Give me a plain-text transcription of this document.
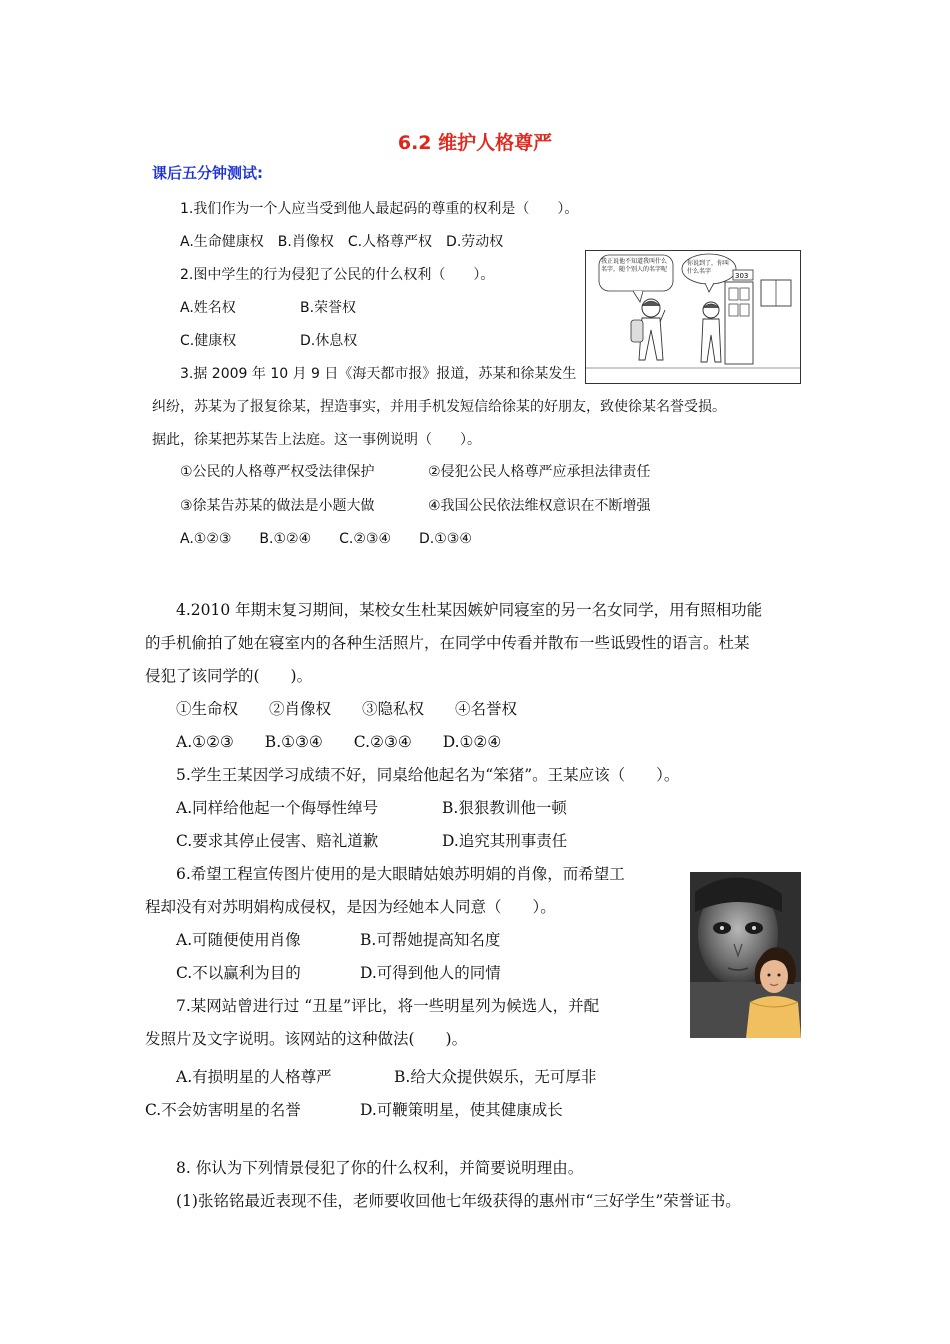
6.2 维护人格尊严
课后五分钟测试:
1.我们作为一个人应当受到他人最起码的尊重的权利是（　　）。
A.生命健康权　B.肖像权　C.人格尊严权　D.劳动权
2.图中学生的行为侵犯了公民的什么权利（　　）。
A.姓名权	B.荣誉权
C.健康权	D.休息权
303
我正说他不知道我叫什么名字，随个别人的名字呢
你说到了，你叫什么名字
3.据 2009 年 10 月 9 日《海天都市报》报道，苏某和徐某发生
纠纷，苏某为了报复徐某，捏造事实，并用手机发短信给徐某的好朋友，致使徐某名誉受损。
据此，徐某把苏某告上法庭。这一事例说明（　　）。
①公民的人格尊严权受法律保护	②侵犯公民人格尊严应承担法律责任
③徐某告苏某的做法是小题大做	④我国公民依法维权意识在不断增强
A.①②③　　B.①②④　　C.②③④　　D.①③④
4.2010 年期末复习期间，某校女生杜某因嫉妒同寝室的另一名女同学，用有照相功能
的手机偷拍了她在寝室内的各种生活照片，在同学中传看并散布一些诋毁性的语言。杜某
侵犯了该同学的(　　)。
①生命权　　②肖像权　　③隐私权　　④名誉权
A.①②③　　B.①③④　　C.②③④　　D.①②④
5.学生王某因学习成绩不好，同桌给他起名为“笨猪”。王某应该（　　）。
A.同样给他起一个侮辱性绰号	B.狠狠教训他一顿
C.要求其停止侵害、赔礼道歉	D.追究其刑事责任
6.希望工程宣传图片使用的是大眼睛姑娘苏明娟的肖像，而希望工
程却没有对苏明娟构成侵权，是因为经她本人同意（　　）。
A.可随便使用肖像	B.可帮她提高知名度
C.不以赢利为目的	D.可得到他人的同情
7.某网站曾进行过 “丑星”评比，将一些明星列为候选人，并配
发照片及文字说明。该网站的这种做法(　　)。
A.有损明星的人格尊严	B.给大众提供娱乐，无可厚非
C.不会妨害明星的名誉	D.可鞭策明星，使其健康成长
8. 你认为下列情景侵犯了你的什么权利，并简要说明理由。
(1)张铭铭最近表现不佳，老师要收回他七年级获得的惠州市“三好学生”荣誉证书。
